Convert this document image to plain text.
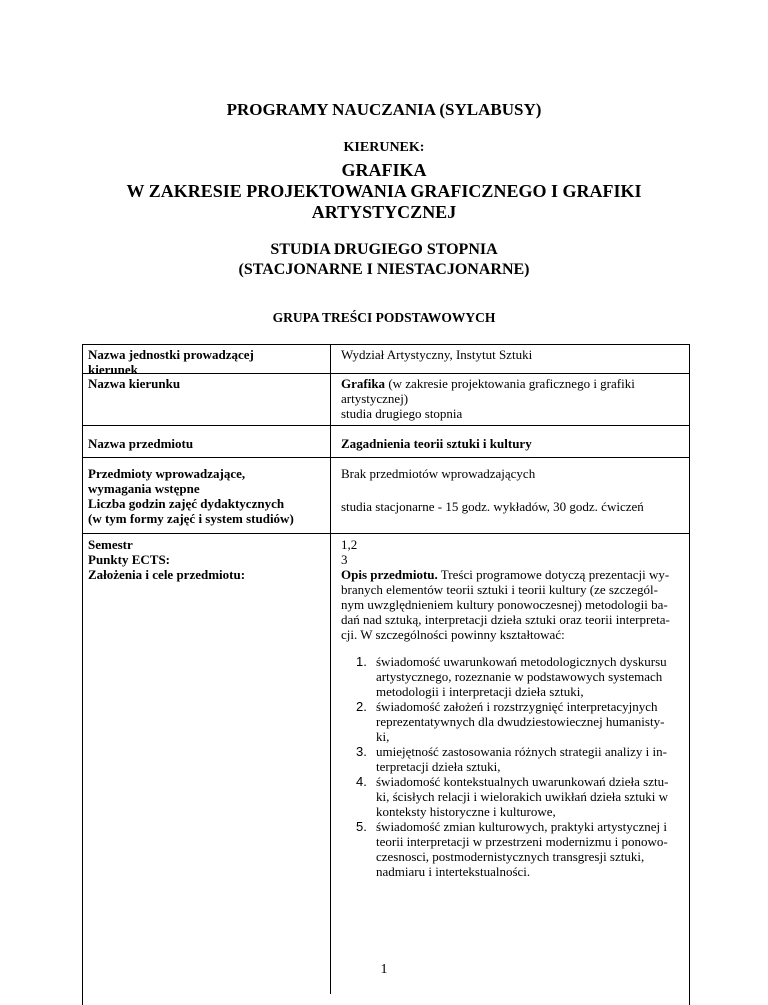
PROGRAMY NAUCZANIA (SYLABUSY)
KIERUNEK:
GRAFIKA
W ZAKRESIE PROJEKTOWANIA GRAFICZNEGO I GRAFIKI
ARTYSTYCZNEJ
STUDIA DRUGIEGO STOPNIA
(STACJONARNE I NIESTACJONARNE)
GRUPA TREŚCI PODSTAWOWYCH
Nazwa jednostki prowadzącej
kierunek
Wydział Artystyczny, Instytut Sztuki
Nazwa kierunku	Grafika (w zakresie projektowania graficznego i grafiki
artystycznej)
studia drugiego stopnia
Nazwa przedmiotu	Zagadnienia teorii sztuki i kultury
Przedmioty wprowadzające,
wymagania wstępne
Liczba godzin zajęć dydaktycznych
(w tym formy zajęć i system studiów)
Brak przedmiotów wprowadzających
studia stacjonarne - 15 godz. wykładów, 30 godz. ćwiczeń
Semestr
Punkty ECTS:
Założenia i cele przedmiotu:
1,2
3
Opis przedmiotu. Treści programowe dotyczą prezentacji wy-
branych elementów teorii sztuki i teorii kultury (ze szczegól-
nym uwzględnieniem kultury ponowoczesnej) metodologii ba-
dań nad sztuką, interpretacji dzieła sztuki oraz teorii interpreta-
cji. W szczególności powinny kształtować:
1. świadomość uwarunkowań metodologicznych dyskursu
artystycznego, rozeznanie w podstawowych systemach
metodologii i interpretacji dzieła sztuki,
2. świadomość założeń i rozstrzygnięć interpretacyjnych
reprezentatywnych dla dwudziestowiecznej humanisty-
ki,
3. umiejętność zastosowania różnych strategii analizy i in-
terpretacji dzieła sztuki,
4. świadomość kontekstualnych uwarunkowań dzieła sztu-
ki, ścisłych relacji i wielorakich uwikłań dzieła sztuki w
konteksty historyczne i kulturowe,
5. świadomość zmian kulturowych, praktyki artystycznej i
teorii interpretacji w przestrzeni modernizmu i ponowo-
czesnosci, postmodernistycznych transgresji sztuki,
nadmiaru i intertekstualności.
1
